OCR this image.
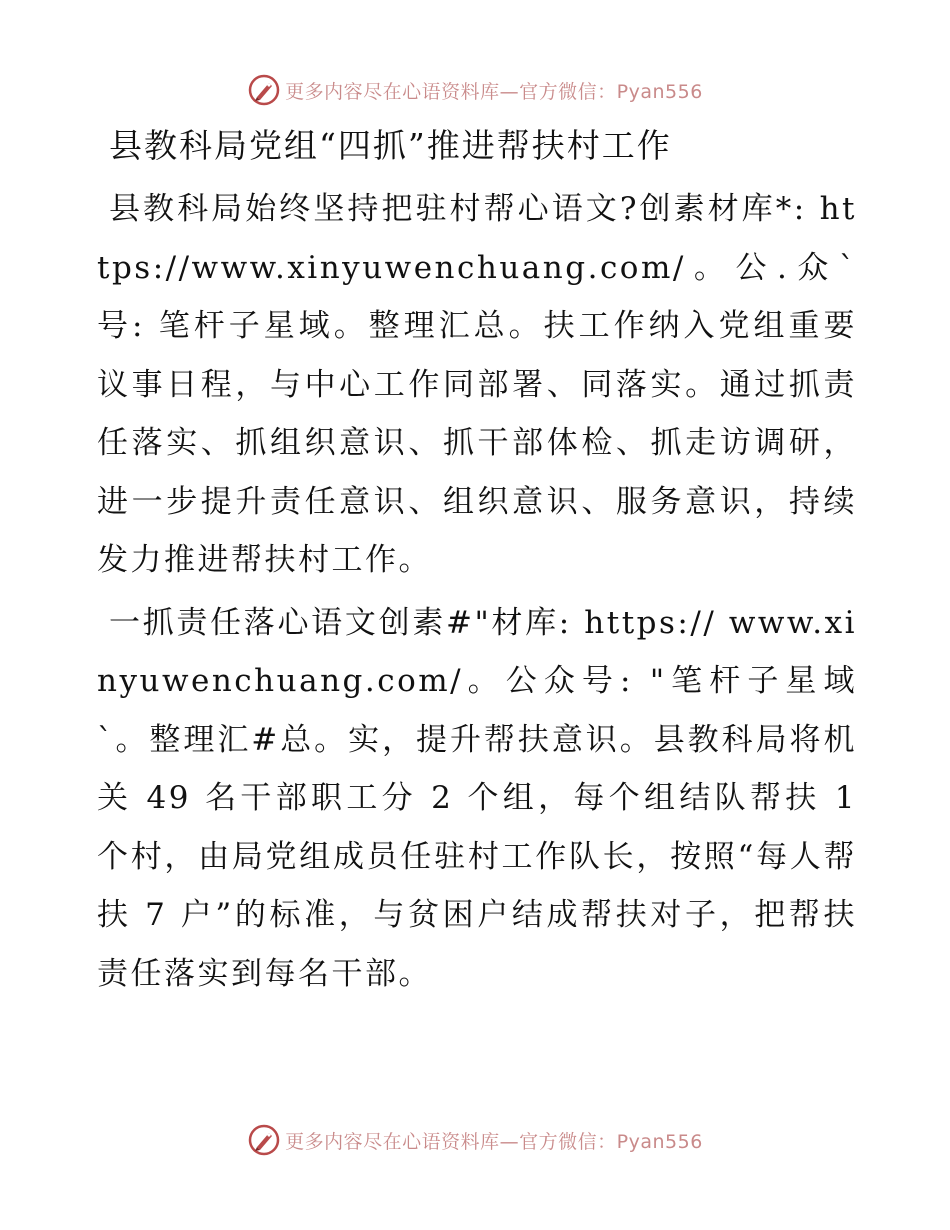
更多内容尽在心语资料库—官方微信：Pyan556
县教科局党组“四抓”推进帮扶村工作

县教科局始终坚持把驻村帮心语文?创素材库*: https://www.xinyuwenchuang.com/。公.众`号: 笔杆子星域。整理汇总。扶工作纳入党组重要议事日程，与中心工作同部署、同落实。通过抓责任落实、抓组织意识、抓干部体检、抓走访调研，进一步提升责任意识、组织意识、服务意识，持续发力推进帮扶村工作。

一抓责任落心语文创素#"材库: https:// www.xinyuwenchuang.com/。公众号: "笔杆子星域`。整理汇#总。实，提升帮扶意识。县教科局将机关 49 名干部职工分 2 个组，每个组结队帮扶 1 个村，由局党组成员任驻村工作队长，按照“每人帮扶 7 户”的标准，与贫困户结成帮扶对子，把帮扶责任落实到每名干部。

更多内容尽在心语资料库—官方微信：Pyan556
